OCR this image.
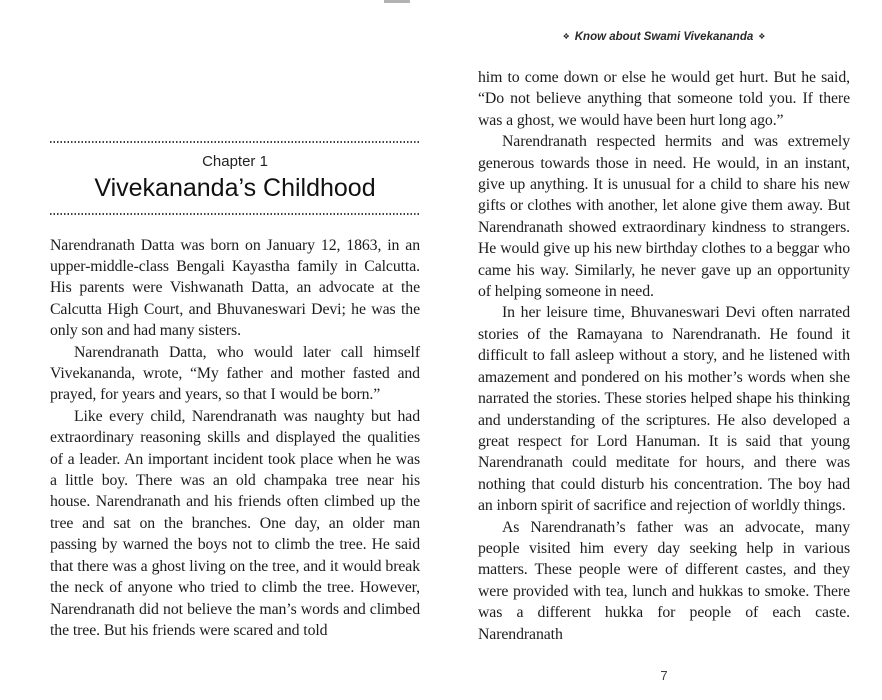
Chapter 1
Vivekananda’s Childhood

Narendranath Datta was born on January 12, 1863, in an upper-middle-class Bengali Kayastha family in Calcutta. His parents were Vishwanath Datta, an advocate at the Calcutta High Court, and Bhuvaneswari Devi; he was the only son and had many sisters.

Narendranath Datta, who would later call himself Vivekananda, wrote, “My father and mother fasted and prayed, for years and years, so that I would be born.”

Like every child, Narendranath was naughty but had extraordinary reasoning skills and displayed the qualities of a leader. An important incident took place when he was a little boy. There was an old champaka tree near his house. Narendranath and his friends often climbed up the tree and sat on the branches. One day, an older man passing by warned the boys not to climb the tree. He said that there was a ghost living on the tree, and it would break the neck of anyone who tried to climb the tree. However, Narendranath did not believe the man’s words and climbed the tree. But his friends were scared and told

❖ Know about Swami Vivekananda ❖

him to come down or else he would get hurt. But he said, “Do not believe anything that someone told you. If there was a ghost, we would have been hurt long ago.”

Narendranath respected hermits and was extremely generous towards those in need. He would, in an instant, give up anything. It is unusual for a child to share his new gifts or clothes with another, let alone give them away. But Narendranath showed extraordinary kindness to strangers. He would give up his new birthday clothes to a beggar who came his way. Similarly, he never gave up an opportunity of helping someone in need.

In her leisure time, Bhuvaneswari Devi often narrated stories of the Ramayana to Narendranath. He found it difficult to fall asleep without a story, and he listened with amazement and pondered on his mother’s words when she narrated the stories. These stories helped shape his thinking and understanding of the scriptures. He also developed a great respect for Lord Hanuman. It is said that young Narendranath could meditate for hours, and there was nothing that could disturb his concentration. The boy had an inborn spirit of sacrifice and rejection of worldly things.

As Narendranath’s father was an advocate, many people visited him every day seeking help in various matters. These people were of different castes, and they were provided with tea, lunch and hukkas to smoke. There was a different hukka for people of each caste. Narendranath

7
